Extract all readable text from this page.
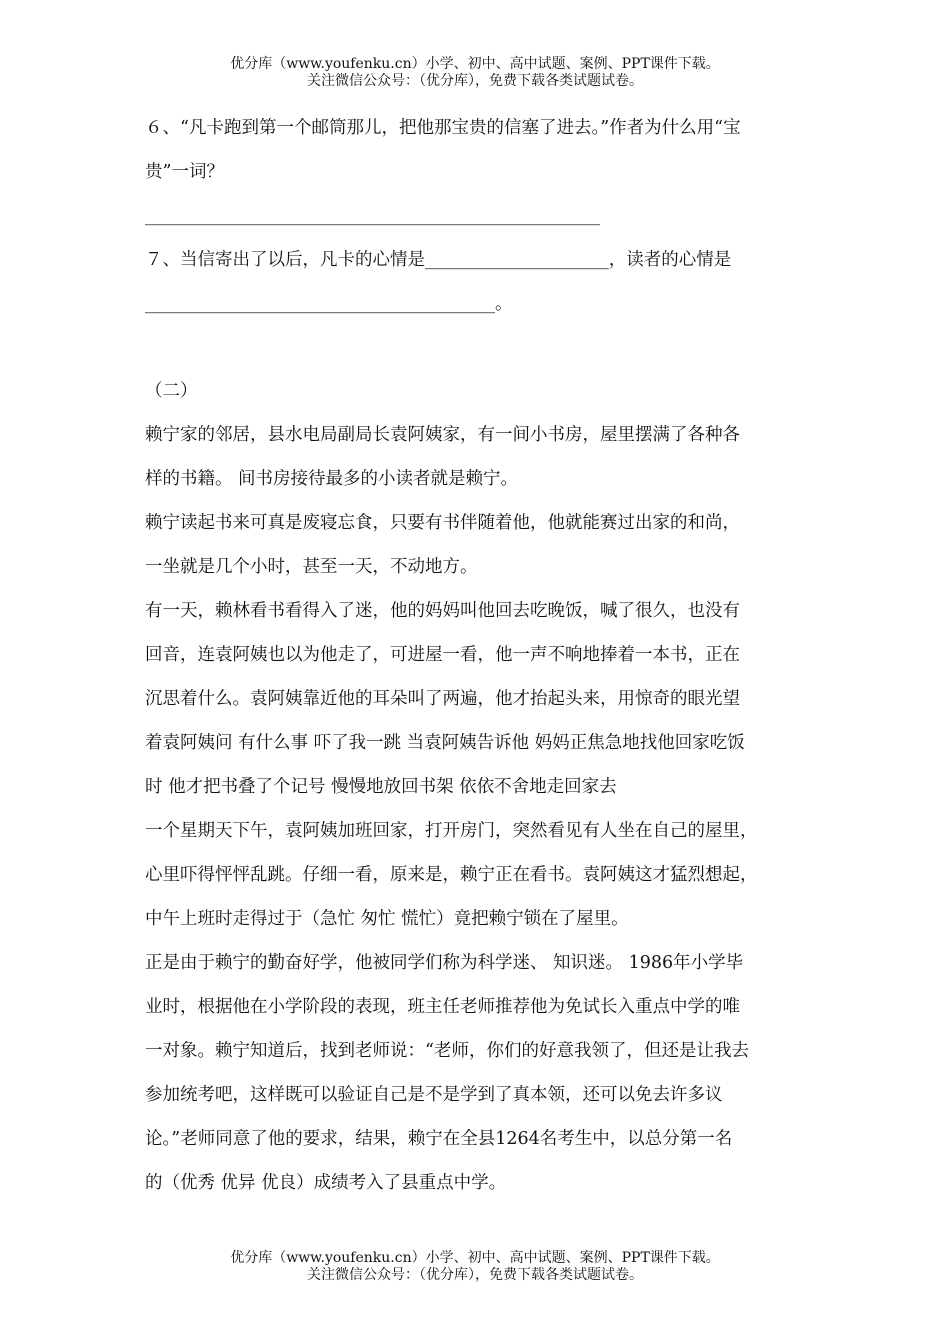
优分库（www.youfenku.cn）小学、初中、高中试题、案例、PPT课件下载。
关注微信公众号：（优分库），免费下载各类试题试卷。
６、“凡卡跑到第一个邮筒那儿，把他那宝贵的信塞了进去。”作者为什么用“宝
贵”一词？
____________________________________________________
７、当信寄出了以后，凡卡的心情是_____________________，读者的心情是
________________________________________。
（二）
赖宁家的邻居，县水电局副局长袁阿姨家，有一间小书房，屋里摆满了各种各
样的书籍。 间书房接待最多的小读者就是赖宁。
赖宁读起书来可真是废寝忘食，只要有书伴随着他，他就能赛过出家的和尚，
一坐就是几个小时，甚至一天，不动地方。
有一天，赖林看书看得入了迷，他的妈妈叫他回去吃晚饭，喊了很久，也没有
回音，连袁阿姨也以为他走了，可进屋一看，他一声不响地捧着一本书，正在
沉思着什么。袁阿姨靠近他的耳朵叫了两遍，他才抬起头来，用惊奇的眼光望
着袁阿姨问 有什么事 吓了我一跳 当袁阿姨告诉他 妈妈正焦急地找他回家吃饭
时 他才把书叠了个记号 慢慢地放回书架 依依不舍地走回家去
一个星期天下午，袁阿姨加班回家，打开房门，突然看见有人坐在自己的屋里，
心里吓得怦怦乱跳。仔细一看，原来是，赖宁正在看书。袁阿姨这才猛烈想起，
中午上班时走得过于（急忙 匆忙 慌忙）竟把赖宁锁在了屋里。
正是由于赖宁的勤奋好学，他被同学们称为科学迷、 知识迷。 1986年小学毕
业时，根据他在小学阶段的表现，班主任老师推荐他为免试长入重点中学的唯
一对象。赖宁知道后，找到老师说：“老师，你们的好意我领了，但还是让我去
参加统考吧，这样既可以验证自己是不是学到了真本领，还可以免去许多议
论。”老师同意了他的要求，结果，赖宁在全县1264名考生中，以总分第一名
的（优秀 优异 优良）成绩考入了县重点中学。
优分库（www.youfenku.cn）小学、初中、高中试题、案例、PPT课件下载。
关注微信公众号：（优分库），免费下载各类试题试卷。
